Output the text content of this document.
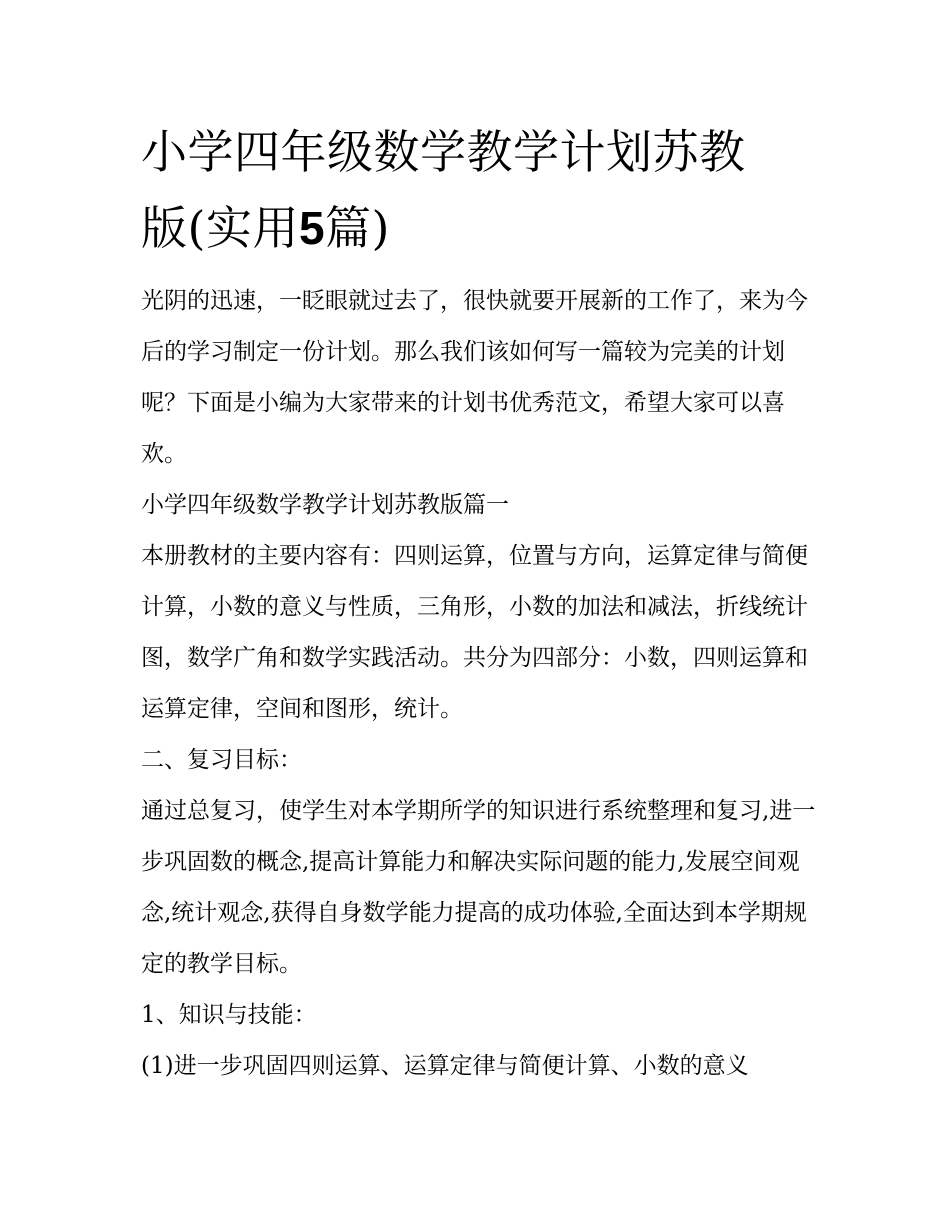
小学四年级数学教学计划苏教
版(实用5篇)

光阴的迅速，一眨眼就过去了，很快就要开展新的工作了，来为今后的学习制定一份计划。那么我们该如何写一篇较为完美的计划呢？下面是小编为大家带来的计划书优秀范文，希望大家可以喜欢。

小学四年级数学教学计划苏教版篇一

本册教材的主要内容有：四则运算，位置与方向，运算定律与简便计算，小数的意义与性质，三角形，小数的加法和减法，折线统计图，数学广角和数学实践活动。共分为四部分：小数，四则运算和运算定律，空间和图形，统计。

二、复习目标：

通过总复习，使学生对本学期所学的知识进行系统整理和复习,进一步巩固数的概念,提高计算能力和解决实际问题的能力,发展空间观念,统计观念,获得自身数学能力提高的成功体验,全面达到本学期规定的教学目标。

1、知识与技能：

(1)进一步巩固四则运算、运算定律与简便计算、小数的意义
